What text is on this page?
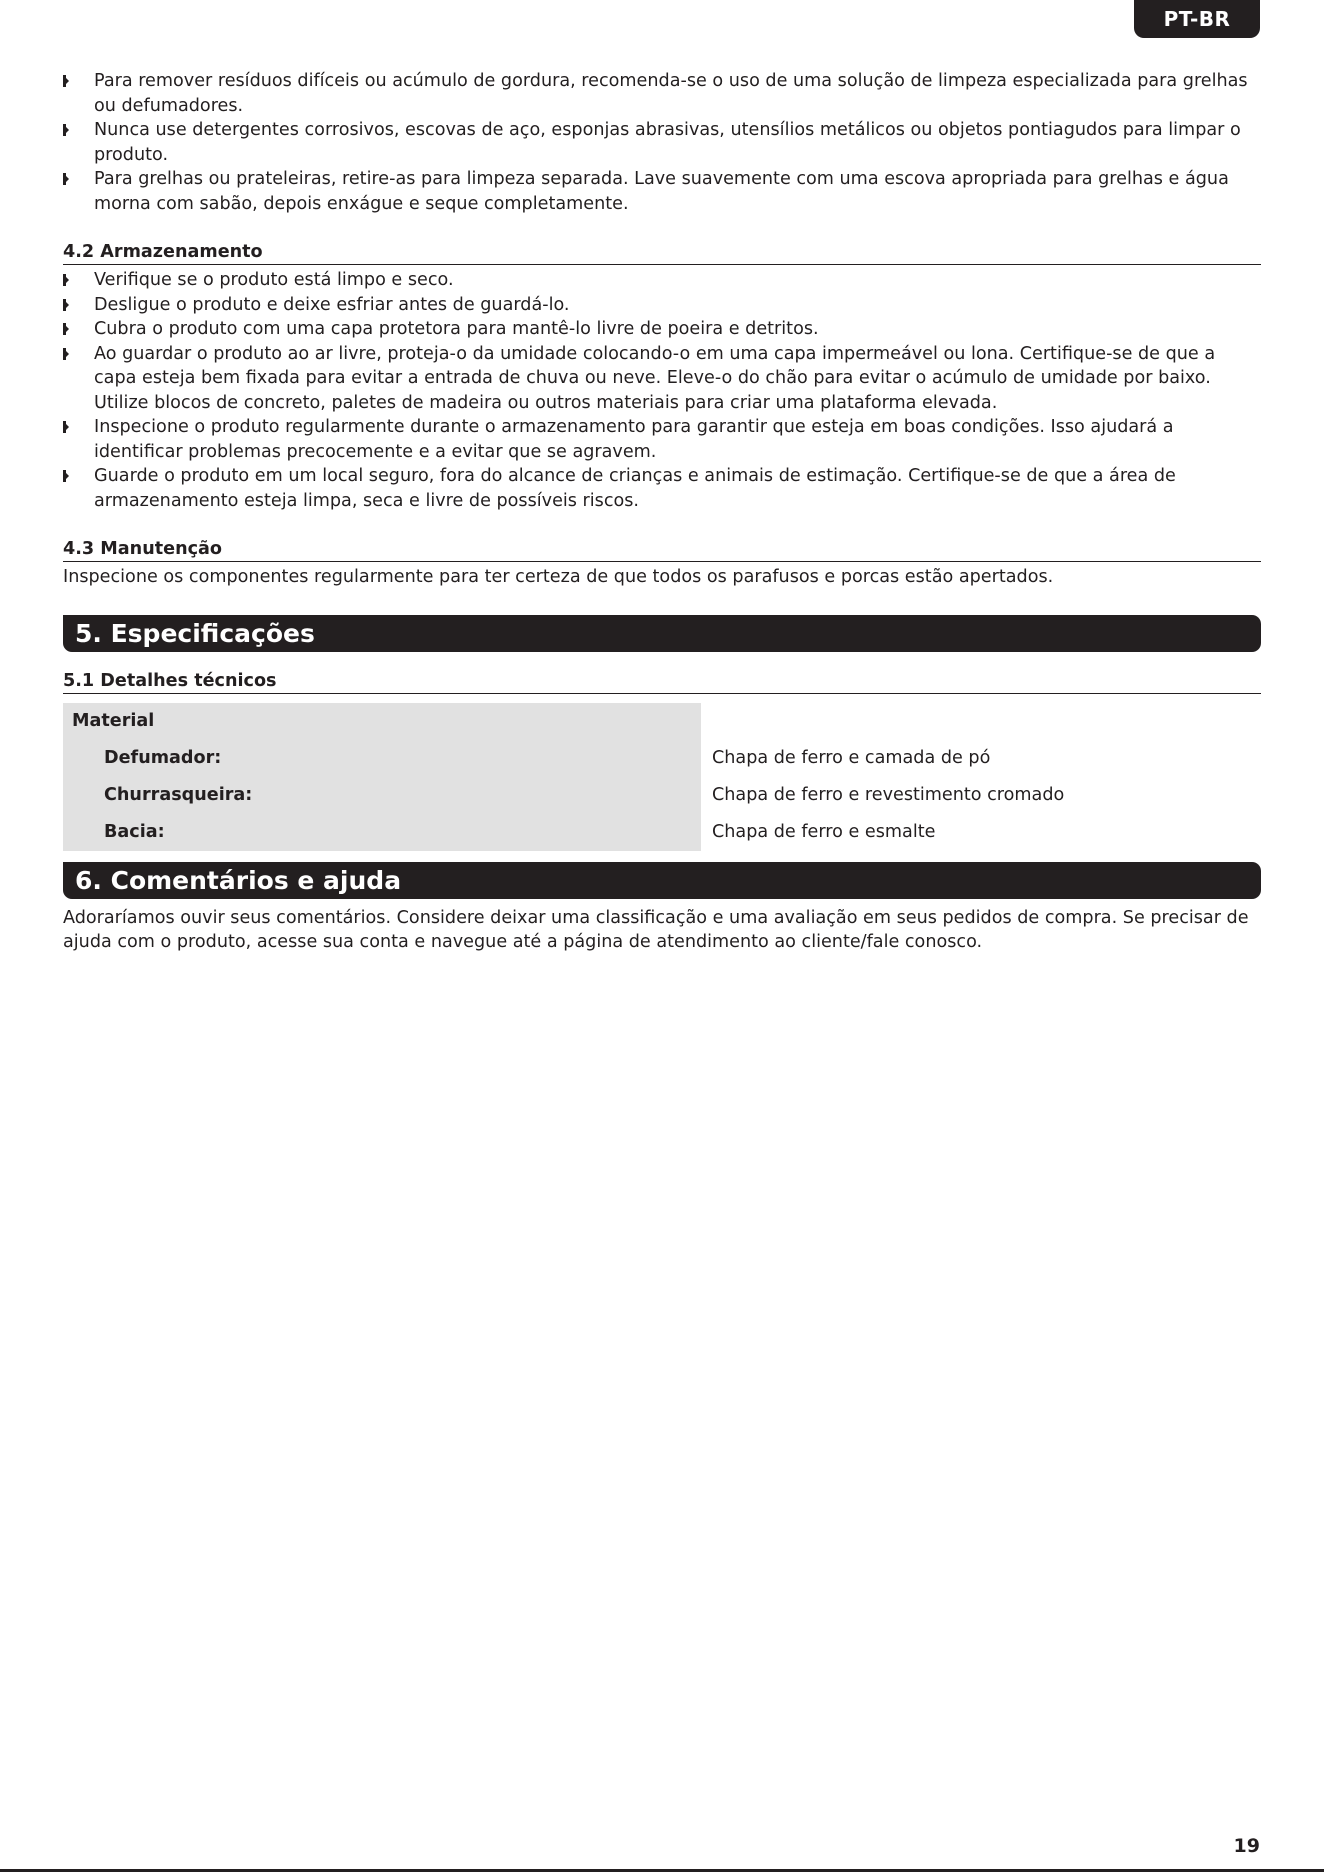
PT-BR
Para remover resíduos difíceis ou acúmulo de gordura, recomenda-se o uso de uma solução de limpeza especializada para grelhas ou defumadores.
Nunca use detergentes corrosivos, escovas de aço, esponjas abrasivas, utensílios metálicos ou objetos pontiagudos para limpar o produto.
Para grelhas ou prateleiras, retire-as para limpeza separada. Lave suavemente com uma escova apropriada para grelhas e água morna com sabão, depois enxágue e seque completamente.
4.2 Armazenamento
Verifique se o produto está limpo e seco.
Desligue o produto e deixe esfriar antes de guardá-lo.
Cubra o produto com uma capa protetora para mantê-lo livre de poeira e detritos.
Ao guardar o produto ao ar livre, proteja-o da umidade colocando-o em uma capa impermeável ou lona. Certifique-se de que a capa esteja bem fixada para evitar a entrada de chuva ou neve. Eleve-o do chão para evitar o acúmulo de umidade por baixo. Utilize blocos de concreto, paletes de madeira ou outros materiais para criar uma plataforma elevada.
Inspecione o produto regularmente durante o armazenamento para garantir que esteja em boas condições. Isso ajudará a identificar problemas precocemente e a evitar que se agravem.
Guarde o produto em um local seguro, fora do alcance de crianças e animais de estimação. Certifique-se de que a área de armazenamento esteja limpa, seca e livre de possíveis riscos.
4.3 Manutenção
Inspecione os componentes regularmente para ter certeza de que todos os parafusos e porcas estão apertados.
5. Especificações
5.1 Detalhes técnicos
Material	
Defumador:	Chapa de ferro e camada de pó
Churrasqueira:	Chapa de ferro e revestimento cromado
Bacia:	Chapa de ferro e esmalte
6. Comentários e ajuda
Adoraríamos ouvir seus comentários. Considere deixar uma classificação e uma avaliação em seus pedidos de compra. Se precisar de ajuda com o produto, acesse sua conta e navegue até a página de atendimento ao cliente/fale conosco.
19
